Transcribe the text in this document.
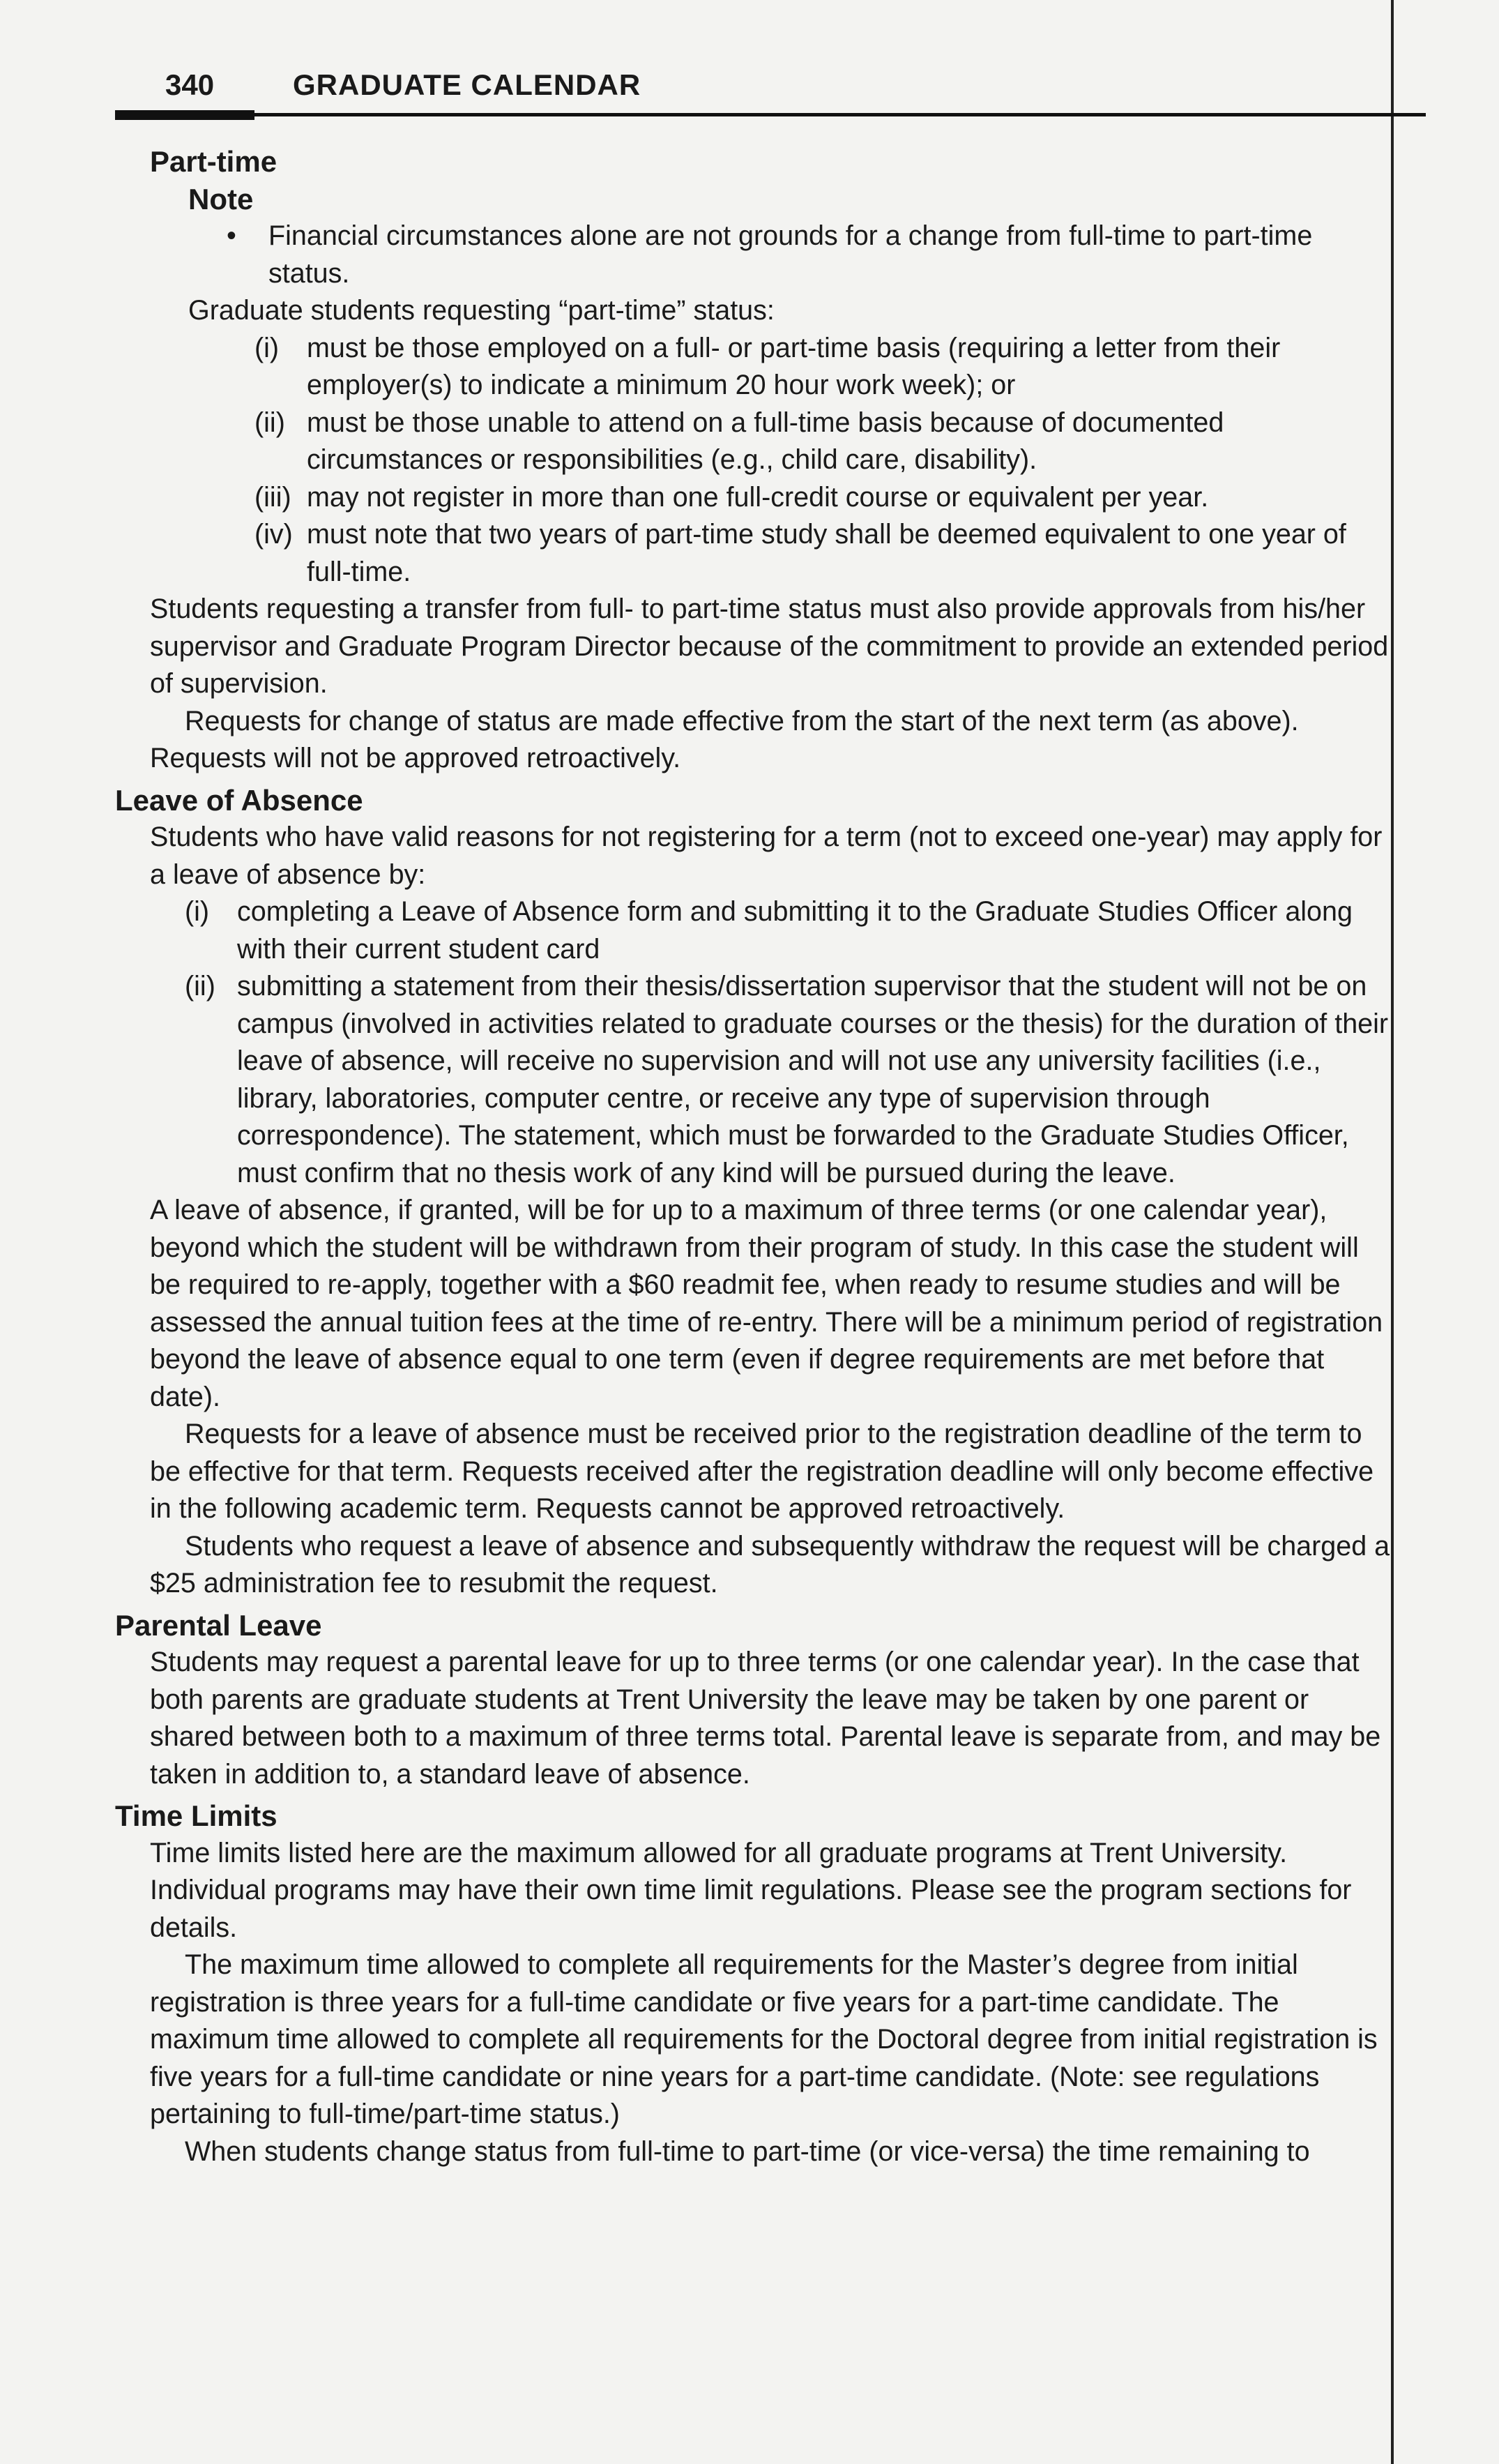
340	GRADUATE CALENDAR

Part-time

Note

• Financial circumstances alone are not grounds for a change from full-time to part-time status.

Graduate students requesting “part-time” status:

(i) must be those employed on a full- or part-time basis (requiring a letter from their employer(s) to indicate a minimum 20 hour work week); or
(ii) must be those unable to attend on a full-time basis because of documented circumstances or responsibilities (e.g., child care, disability).
(iii) may not register in more than one full-credit course or equivalent per year.
(iv) must note that two years of part-time study shall be deemed equivalent to one year of full-time.

Students requesting a transfer from full- to part-time status must also provide approvals from his/her supervisor and Graduate Program Director because of the commitment to provide an extended period of supervision.

Requests for change of status are made effective from the start of the next term (as above). Requests will not be approved retroactively.

Leave of Absence

Students who have valid reasons for not registering for a term (not to exceed one-year) may apply for a leave of absence by:

(i) completing a Leave of Absence form and submitting it to the Graduate Studies Officer along with their current student card
(ii) submitting a statement from their thesis/dissertation supervisor that the student will not be on campus (involved in activities related to graduate courses or the thesis) for the duration of their leave of absence, will receive no supervision and will not use any university facilities (i.e., library, laboratories, computer centre, or receive any type of supervision through correspondence). The statement, which must be forwarded to the Graduate Studies Officer, must confirm that no thesis work of any kind will be pursued during the leave.

A leave of absence, if granted, will be for up to a maximum of three terms (or one calendar year), beyond which the student will be withdrawn from their program of study. In this case the student will be required to re-apply, together with a $60 readmit fee, when ready to resume studies and will be assessed the annual tuition fees at the time of re-entry. There will be a minimum period of registration beyond the leave of absence equal to one term (even if degree requirements are met before that date).

Requests for a leave of absence must be received prior to the registration deadline of the term to be effective for that term. Requests received after the registration deadline will only become effective in the following academic term. Requests cannot be approved retroactively.

Students who request a leave of absence and subsequently withdraw the request will be charged a $25 administration fee to resubmit the request.

Parental Leave

Students may request a parental leave for up to three terms (or one calendar year). In the case that both parents are graduate students at Trent University the leave may be taken by one parent or shared between both to a maximum of three terms total. Parental leave is separate from, and may be taken in addition to, a standard leave of absence.

Time Limits

Time limits listed here are the maximum allowed for all graduate programs at Trent University. Individual programs may have their own time limit regulations. Please see the program sections for details.

The maximum time allowed to complete all requirements for the Master’s degree from initial registration is three years for a full-time candidate or five years for a part-time candidate. The maximum time allowed to complete all requirements for the Doctoral degree from initial registration is five years for a full-time candidate or nine years for a part-time candidate. (Note: see regulations pertaining to full-time/part-time status.)

When students change status from full-time to part-time (or vice-versa) the time remaining to
